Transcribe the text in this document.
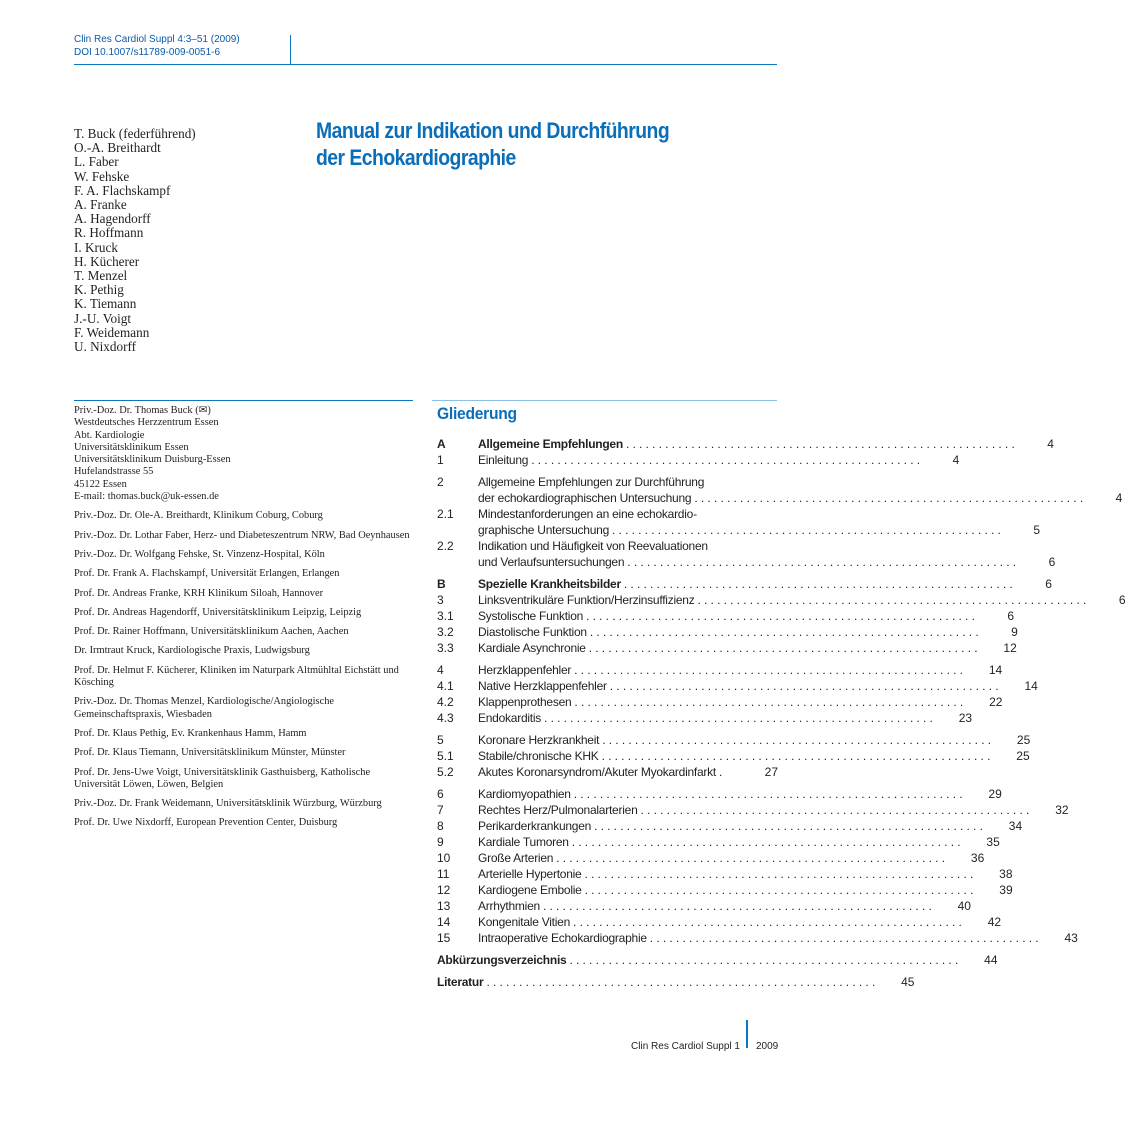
Clin Res Cardiol Suppl 4:3–51 (2009)
DOI 10.1007/s11789-009-0051-6
T. Buck (federführend)
O.-A. Breithardt
L. Faber
W. Fehske
F. A. Flachskampf
A. Franke
A. Hagendorff
R. Hoffmann
I. Kruck
H. Kücherer
T. Menzel
K. Pethig
K. Tiemann
J.-U. Voigt
F. Weidemann
U. Nixdorff
Manual zur Indikation und Durchführung
der Echokardiographie
Priv.-Doz. Dr. Thomas Buck (✉)
Westdeutsches Herzzentrum Essen
Abt. Kardiologie
Universitätsklinikum Essen
Universitätsklinikum Duisburg-Essen
Hufelandstrasse 55
45122 Essen
E-mail: thomas.buck@uk-essen.de
Priv.-Doz. Dr. Ole-A. Breithardt, Klinikum Coburg, Coburg
Priv.-Doz. Dr. Lothar Faber, Herz- und Diabeteszentrum NRW, Bad Oeynhausen
Priv.-Doz. Dr. Wolfgang Fehske, St. Vinzenz-Hospital, Köln
Prof. Dr. Frank A. Flachskampf, Universität Erlangen, Erlangen
Prof. Dr. Andreas Franke, KRH Klinikum Siloah, Hannover
Prof. Dr. Andreas Hagendorff, Universitätsklinikum Leipzig, Leipzig
Prof. Dr. Rainer Hoffmann, Universitätsklinikum Aachen, Aachen
Dr. Irmtraut Kruck, Kardiologische Praxis, Ludwigsburg
Prof. Dr. Helmut F. Kücherer, Kliniken im Naturpark Altmühltal Eichstätt und Kösching
Priv.-Doz. Dr. Thomas Menzel, Kardiologische/Angiologische Gemeinschaftspraxis, Wiesbaden
Prof. Dr. Klaus Pethig, Ev. Krankenhaus Hamm, Hamm
Prof. Dr. Klaus Tiemann, Universitätsklinikum Münster, Münster
Prof. Dr. Jens-Uwe Voigt, Universitätsklinik Gasthuisberg, Katholische Universität Löwen, Löwen, Belgien
Priv.-Doz. Dr. Frank Weidemann, Universitätsklinik Würzburg, Würzburg
Prof. Dr. Uwe Nixdorff, European Prevention Center, Duisburg
Gliederung
A	Allgemeine Empfehlungen ............................................................	4
1	Einleitung ............................................................	4
2	Allgemeine Empfehlungen zur Durchführung
der echokardiographischen Untersuchung ............................................................	4
2.1	Mindestanforderungen an eine echokardio-
graphische Untersuchung ............................................................	5
2.2	Indikation und Häufigkeit von Reevaluationen
und Verlaufsuntersuchungen ............................................................	6
B	Spezielle Krankheitsbilder ............................................................	6
3	Linksventrikuläre Funktion/Herzinsuffizienz ............................................................	6
3.1	Systolische Funktion ............................................................	6
3.2	Diastolische Funktion ............................................................	9
3.3	Kardiale Asynchronie ............................................................	12
4	Herzklappenfehler ............................................................	14
4.1	Native Herzklappenfehler ............................................................	14
4.2	Klappenprothesen ............................................................	22
4.3	Endokarditis ............................................................	23
5	Koronare Herzkrankheit ............................................................	25
5.1	Stabile/chronische KHK ............................................................	25
5.2	Akutes Koronarsyndrom/Akuter Myokardinfarkt .	27
6	Kardiomyopathien ............................................................	29
7	Rechtes Herz/Pulmonalarterien ............................................................	32
8	Perikarderkrankungen ............................................................	34
9	Kardiale Tumoren ............................................................	35
10	Große Arterien ............................................................	36
11	Arterielle Hypertonie ............................................................	38
12	Kardiogene Embolie ............................................................	39
13	Arrhythmien ............................................................	40
14	Kongenitale Vitien ............................................................	42
15	Intraoperative Echokardiographie ............................................................	43
Abkürzungsverzeichnis ............................................................	44
Literatur ............................................................	45
Clin Res Cardiol Suppl 1 2009
